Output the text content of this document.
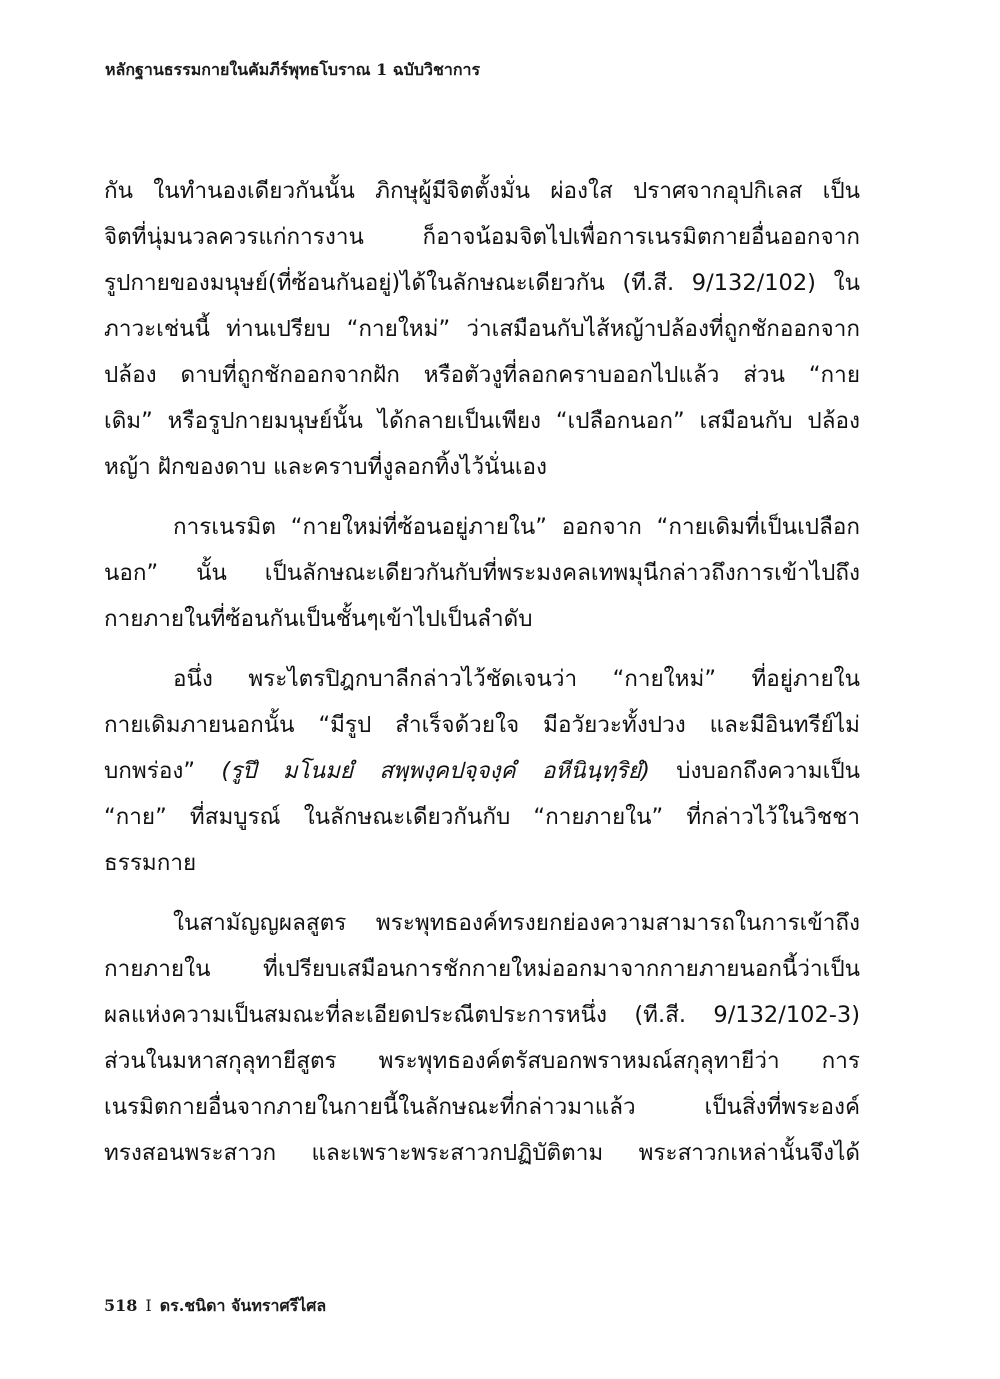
หลักฐานธรรมกายในคัมภีร์พุทธโบราณ 1 ฉบับวิชาการ
กัน ในทำนองเดียวกันนั้น ภิกษุผู้มีจิตตั้งมั่น ผ่องใส ปราศจากอุปกิเลส เป็น
จิตที่นุ่มนวลควรแก่การงาน ก็อาจน้อมจิตไปเพื่อการเนรมิตกายอื่นออกจาก
รูปกายของมนุษย์(ที่ซ้อนกันอยู่)ได้ในลักษณะเดียวกัน (ที.สี. 9/132/102) ใน
ภาวะเช่นนี้ ท่านเปรียบ “กายใหม่” ว่าเสมือนกับไส้หญ้าปล้องที่ถูกชักออกจาก
ปล้อง ดาบที่ถูกชักออกจากฝัก หรือตัวงูที่ลอกคราบออกไปแล้ว ส่วน “กาย
เดิม” หรือรูปกายมนุษย์นั้น ได้กลายเป็นเพียง “เปลือกนอก” เสมือนกับ ปล้อง
หญ้า ฝักของดาบ และคราบที่งูลอกทิ้งไว้นั่นเอง
การเนรมิต “กายใหม่ที่ซ้อนอยู่ภายใน” ออกจาก “กายเดิมที่เป็นเปลือก
นอก” นั้น เป็นลักษณะเดียวกันกับที่พระมงคลเทพมุนีกล่าวถึงการเข้าไปถึง
กายภายในที่ซ้อนกันเป็นชั้นๆเข้าไปเป็นลำดับ
อนึ่ง พระไตรปิฎกบาลีกล่าวไว้ชัดเจนว่า “กายใหม่” ที่อยู่ภายใน
กายเดิมภายนอกนั้น “มีรูป สำเร็จด้วยใจ มีอวัยวะทั้งปวง และมีอินทรีย์ไม่
บกพร่อง” (รูปึ มโนมยํ สพฺพงฺคปจฺจงฺคํ อหีนินฺทฺริยํ) บ่งบอกถึงความเป็น
“กาย” ที่สมบูรณ์ ในลักษณะเดียวกันกับ “กายภายใน” ที่กล่าวไว้ในวิชชา
ธรรมกาย
ในสามัญญผลสูตร พระพุทธองค์ทรงยกย่องความสามารถในการเข้าถึง
กายภายใน ที่เปรียบเสมือนการชักกายใหม่ออกมาจากกายภายนอกนี้ว่าเป็น
ผลแห่งความเป็นสมณะที่ละเอียดประณีตประการหนึ่ง (ที.สี. 9/132/102-3)
ส่วนในมหาสกุลุทายีสูตร พระพุทธองค์ตรัสบอกพราหมณ์สกุลุทายีว่า การ
เนรมิตกายอื่นจากภายในกายนี้ในลักษณะที่กล่าวมาแล้ว เป็นสิ่งที่พระองค์
ทรงสอนพระสาวก และเพราะพระสาวกปฏิบัติตาม พระสาวกเหล่านั้นจึงได้
518 I ดร.ชนิดา จันทราศรีไศล
